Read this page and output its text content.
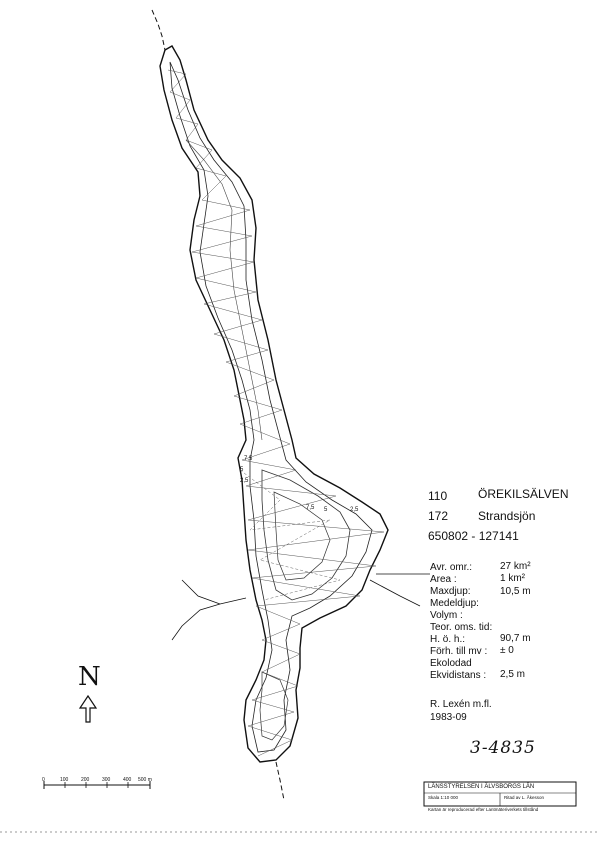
110	ÖREKILSÄLVEN
172 Strandsjön
650802 - 127141
Avr. omr.:	27 km²
Area :	1 km²
Maxdjup:	10,5 m
Medeldjup:
Volym :
Teor. oms. tid:
H. ö. h.:	90,7 m
Förh. till mv : ± 0
Ekolodad
Ekvidistans : 2,5 m
R. Lexén m.fl.
1983-09
3-4835
N
7,5
5
2,5
7,5 5	2,5
0	100	200	300	400 500 m
LÄNSSTYRELSEN I ÄLVSBORGS LÄN
Skala 1:10 000	Ritad av L. Åkesson
Kartan är reproducerad efter Lantmäteriverkets tillstånd
